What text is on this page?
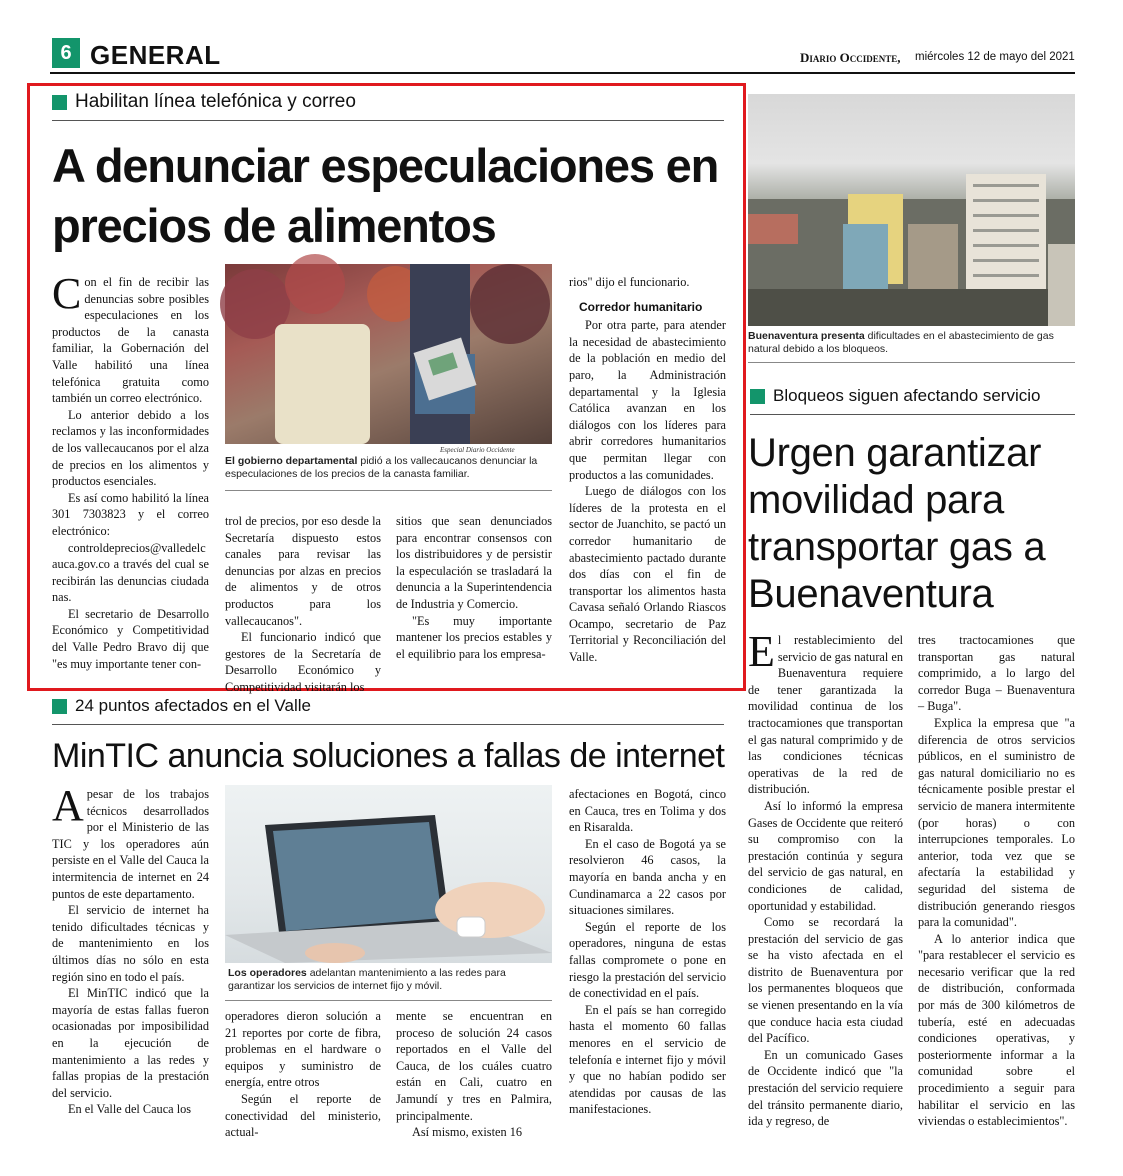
6 GENERAL	Diario Occidente, miércoles 12 de mayo del 2021
Habilitan línea telefónica y correo
A denunciar especulaciones en precios de alimentos

Con el fin de recibir las denuncias sobre posibles especulaciones en los productos de la canasta familiar, la Gobernación del Valle habilitó una línea telefónica gratuita como también un correo electrónico.

Lo anterior debido a los reclamos y las inconformidades de los vallecaucanos por el alza de precios en los alimentos y productos esenciales.

Es así como habilitó la línea 301 7303823 y el correo electrónico:

controldeprecios@valledelcauca.gov.co a través del cual se recibirán las denuncias ciudadanas.

El secretario de Desarrollo Económico y Competitividad del Valle Pedro Bravo dij que "es muy importante tener con-

Especial Diario Occidente
El gobierno departamental pidió a los vallecaucanos denunciar la especulaciones de los precios de la canasta familiar.

trol de precios, por eso desde la Secretaría dispuesto estos canales para revisar las denuncias por alzas en precios de alimentos y de otros productos para los vallecaucanos".

El funcionario indicó que gestores de la Secretaría de Desarrollo Económico y Competitividad visitarán los

sitios que sean denunciados para encontrar consensos con los distribuidores y de persistir la especulación se trasladará la denuncia a la Superintendencia de Industria y Comercio.

"Es muy importante mantener los precios estables y el equilibrio para los empresa-

rios" dijo el funcionario.

Corredor humanitario

Por otra parte, para atender la necesidad de abastecimiento de la población en medio del paro, la Administración departamental y la Iglesia Católica avanzan en los diálogos con los líderes para abrir corredores humanitarios que permitan llegar con productos a las comunidades.

Luego de diálogos con los líderes de la protesta en el sector de Juanchito, se pactó un corredor humanitario de abastecimiento pactado durante dos días con el fin de transportar los alimentos hasta Cavasa señaló Orlando Riascos Ocampo, secretario de Paz Territorial y Reconciliación del Valle.

Buenaventura presenta dificultades en el abastecimiento de gas natural debido a los bloqueos.
Bloqueos siguen afectando servicio
Urgen garantizar movilidad para transportar gas a Buenaventura

El restablecimiento del servicio de gas natural en Buenaventura requiere de tener garantizada la movilidad continua de los tractocamiones que transportan el gas natural comprimido y de las condiciones técnicas operativas de la red de distribución.

Así lo informó la empresa Gases de Occidente que reiteró su compromiso con la prestación continúa y segura del servicio de gas natural, en condiciones de calidad, oportunidad y estabilidad.

Como se recordará la prestación del servicio de gas se ha visto afectada en el distrito de Buenaventura por los permanentes bloqueos que se vienen presentando en la vía que conduce hacia esta ciudad del Pacífico.

En un comunicado Gases de Occidente indicó que "la prestación del servicio requiere del tránsito permanente diario, ida y regreso, de

tres tractocamiones que transportan gas natural comprimido, a lo largo del corredor Buga – Buenaventura – Buga".

Explica la empresa que "a diferencia de otros servicios públicos, en el suministro de gas natural domiciliario no es técnicamente posible prestar el servicio de manera intermitente (por horas) o con interrupciones temporales. Lo anterior, toda vez que se afectaría la estabilidad y seguridad del sistema de distribución generando riesgos para la comunidad".

A lo anterior indica que "para restablecer el servicio es necesario verificar que la red de distribución, conformada por más de 300 kilómetros de tubería, esté en adecuadas condiciones operativas, y posteriormente informar a la comunidad sobre el procedimiento a seguir para habilitar el servicio en las viviendas o establecimientos".

24 puntos afectados en el Valle
MinTIC anuncia soluciones a fallas de internet

Apesar de los trabajos técnicos desarrollados por el Ministerio de las TIC y los operadores aún persiste en el Valle del Cauca la intermitencia de internet en 24 puntos de este departamento.

El servicio de internet ha tenido dificultades técnicas y de mantenimiento en los últimos días no sólo en esta región sino en todo el país.

El MinTIC indicó que la mayoría de estas fallas fueron ocasionadas por imposibilidad en la ejecución de mantenimiento a las redes y fallas propias de la prestación del servicio.

En el Valle del Cauca los

Los operadores adelantan mantenimiento a las redes para garantizar los servicios de internet fijo y móvil.

operadores dieron solución a 21 reportes por corte de fibra, problemas en el hardware o equipos y suministro de energía, entre otros

Según el reporte de conectividad del ministerio, actual-

mente se encuentran en proceso de solución 24 casos reportados en el Valle del Cauca, de los cuáles cuatro están en Cali, cuatro en Jamundí y tres en Palmira, principalmente.

Así mismo, existen 16

afectaciones en Bogotá, cinco en Cauca, tres en Tolima y dos en Risaralda.

En el caso de Bogotá ya se resolvieron 46 casos, la mayoría en banda ancha y en Cundinamarca a 22 casos por situaciones similares.

Según el reporte de los operadores, ninguna de estas fallas compromete o pone en riesgo la prestación del servicio de conectividad en el país.

En el país se han corregido hasta el momento 60 fallas menores en el servicio de telefonía e internet fijo y móvil y que no habían podido ser atendidas por causas de las manifestaciones.
